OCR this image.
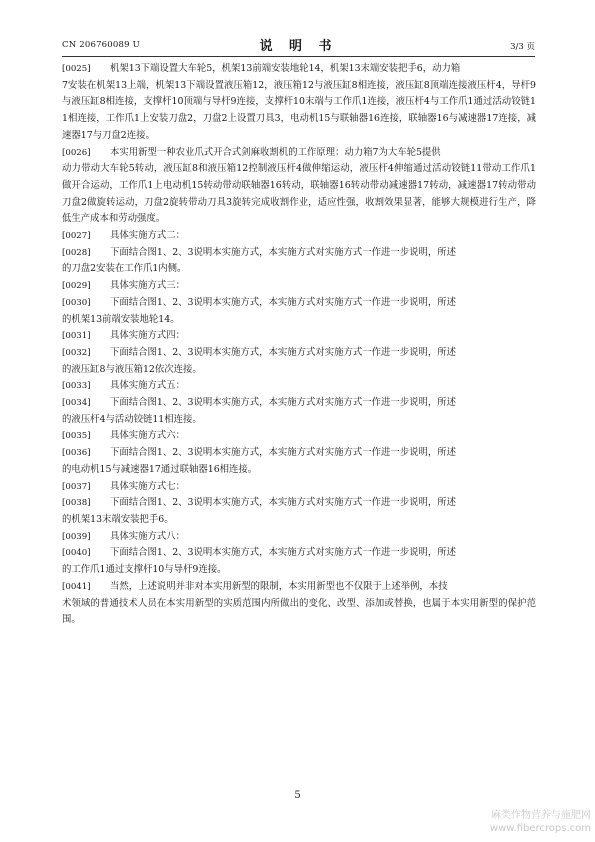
CN 206760089 U	说 明 书	3/3 页
[0025]	机架13下端设置大车轮5，机架13前端安装地轮14，机架13末端安装把手6，动力箱
7安装在机架13上端，机架13下端设置液压箱12，液压箱12与液压缸8相连接，液压缸8顶端连接液压杆4，导杆9与液压缸8相连接，支撑杆10顶端与导杆9连接，支撑杆10末端与工作爪1连接，液压杆4与工作爪1通过活动铰链11相连接，工作爪1上安装刀盘2，刀盘2上设置刀具3，电动机15与联轴器16连接，联轴器16与减速器17连接，减速器17与刀盘2连接。
[0026]	本实用新型一种农业爪式开合式剑麻收割机的工作原理：动力箱7为大车轮5提供
动力带动大车轮5转动，液压缸8和液压箱12控制液压杆4做伸缩运动，液压杆4伸缩通过活动铰链11带动工作爪1做开合运动，工作爪1上电动机15转动带动联轴器16转动，联轴器16转动带动减速器17转动，减速器17转动带动刀盘2做旋转运动，刀盘2旋转带动刀具3旋转完成收割作业，适应性强，收割效果显著，能够大规模进行生产，降低生产成本和劳动强度。
[0027]	具体实施方式二：
[0028]	下面结合图1、2、3说明本实施方式，本实施方式对实施方式一作进一步说明，所述
的刀盘2安装在工作爪1内侧。
[0029]	具体实施方式三：
[0030]	下面结合图1、2、3说明本实施方式，本实施方式对实施方式一作进一步说明，所述
的机架13前端安装地轮14。
[0031]	具体实施方式四：
[0032]	下面结合图1、2、3说明本实施方式，本实施方式对实施方式一作进一步说明，所述
的液压缸8与液压箱12依次连接。
[0033]	具体实施方式五：
[0034]	下面结合图1、2、3说明本实施方式，本实施方式对实施方式一作进一步说明，所述
的液压杆4与活动铰链11相连接。
[0035]	具体实施方式六：
[0036]	下面结合图1、2、3说明本实施方式，本实施方式对实施方式一作进一步说明，所述
的电动机15与减速器17通过联轴器16相连接。
[0037]	具体实施方式七：
[0038]	下面结合图1、2、3说明本实施方式，本实施方式对实施方式一作进一步说明，所述
的机架13末端安装把手6。
[0039]	具体实施方式八：
[0040]	下面结合图1、2、3说明本实施方式，本实施方式对实施方式一作进一步说明，所述
的工作爪1通过支撑杆10与导杆9连接。
[0041]	当然，上述说明并非对本实用新型的限制，本实用新型也不仅限于上述举例，本技
术领域的普通技术人员在本实用新型的实质范围内所做出的变化、改型、添加或替换，也属于本实用新型的保护范围。
5
麻类作物营养与施肥网
www.fibercrops.com
